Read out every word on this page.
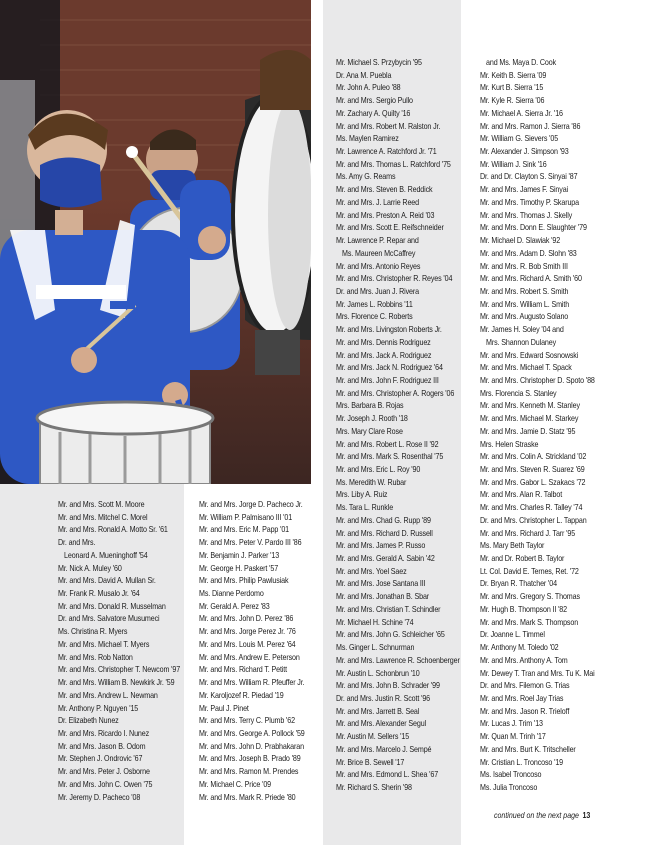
Mr. and Mrs. Scott M. Moore
Mr. and Mrs. Mitchel C. Morel
Mr. and Mrs. Ronald A. Motto Sr. '61
Dr. and Mrs.
Leonard A. Mueninghoff '54
Mr. Nick A. Muley '60
Mr. and Mrs. David A. Mullan Sr.
Mr. Frank R. Musalo Jr. '64
Mr. and Mrs. Donald R. Musselman
Dr. and Mrs. Salvatore Musumeci
Ms. Christina R. Myers
Mr. and Mrs. Michael T. Myers
Mr. and Mrs. Rob Natton
Mr. and Mrs. Christopher T. Newcom '97
Mr. and Mrs. William B. Newkirk Jr. '59
Mr. and Mrs. Andrew L. Newman
Mr. Anthony P. Nguyen '15
Dr. Elizabeth Nunez
Mr. and Mrs. Ricardo I. Nunez
Mr. and Mrs. Jason B. Odom
Mr. Stephen J. Ondrovic '67
Mr. and Mrs. Peter J. Osborne
Mr. and Mrs. John C. Owen '75
Mr. Jeremy D. Pacheco '08
Mr. and Mrs. Jorge D. Pacheco Jr.
Mr. William P. Palmisano III '01
Mr. and Mrs. Eric M. Papp '01
Mr. and Mrs. Peter V. Pardo III '86
Mr. Benjamin J. Parker '13
Mr. George H. Paskert '57
Mr. and Mrs. Philip Pawlusiak
Ms. Dianne Perdomo
Mr. Gerald A. Perez '83
Mr. and Mrs. John D. Perez '86
Mr. and Mrs. Jorge Perez Jr. '76
Mr. and Mrs. Louis M. Perez '64
Mr. and Mrs. Andrew E. Peterson
Mr. and Mrs. Richard T. Petitt
Mr. and Mrs. William R. Pfeuffer Jr.
Mr. Karoljozef R. Piedad '19
Mr. Paul J. Pinet
Mr. and Mrs. Terry C. Plumb '62
Mr. and Mrs. George A. Pollock '59
Mr. and Mrs. John D. Prabhakaran
Mr. and Mrs. Joseph B. Prado '89
Mr. and Mrs. Ramon M. Prendes
Mr. Michael C. Price '09
Mr. and Mrs. Mark R. Priede '80
Mr. Michael S. Przybycin '95
Dr. Ana M. Puebla
Mr. John A. Puleo '88
Mr. and Mrs. Sergio Pullo
Mr. Zachary A. Quilty '16
Mr. and Mrs. Robert M. Ralston Jr.
Ms. Maylen Ramirez
Mr. Lawrence A. Ratchford Jr. '71
Mr. and Mrs. Thomas L. Ratchford '75
Ms. Amy G. Reams
Mr. and Mrs. Steven B. Reddick
Mr. and Mrs. J. Larrie Reed
Mr. and Mrs. Preston A. Reid '03
Mr. and Mrs. Scott E. Reifschneider
Mr. Lawrence P. Repar and
Ms. Maureen McCaffrey
Mr. and Mrs. Antonio Reyes
Mr. and Mrs. Christopher R. Reyes '04
Dr. and Mrs. Juan J. Rivera
Mr. James L. Robbins '11
Mrs. Florence C. Roberts
Mr. and Mrs. Livingston Roberts Jr.
Mr. and Mrs. Dennis Rodriguez
Mr. and Mrs. Jack A. Rodriguez
Mr. and Mrs. Jack N. Rodriguez '64
Mr. and Mrs. John F. Rodriguez III
Mr. and Mrs. Christopher A. Rogers '06
Mrs. Barbara B. Rojas
Mr. Joseph J. Rooth '18
Mrs. Mary Clare Rose
Mr. and Mrs. Robert L. Rose II '92
Mr. and Mrs. Mark S. Rosenthal '75
Mr. and Mrs. Eric L. Roy '90
Ms. Meredith W. Rubar
Mrs. Liby A. Ruiz
Ms. Tara L. Runkle
Mr. and Mrs. Chad G. Rupp '89
Mr. and Mrs. Richard D. Russell
Mr. and Mrs. James P. Russo
Mr. and Mrs. Gerald A. Sabin '42
Mr. and Mrs. Yoel Saez
Mr. and Mrs. Jose Santana III
Mr. and Mrs. Jonathan B. Sbar
Mr. and Mrs. Christian T. Schindler
Mr. Michael H. Schine '74
Mr. and Mrs. John G. Schleicher '65
Ms. Ginger L. Schnurman
Mr. and Mrs. Lawrence R. Schoenberger
Mr. Austin L. Schonbrun '10
Mr. and Mrs. John B. Schrader '99
Dr. and Mrs. Justin R. Scott '96
Mr. and Mrs. Jarrett B. Seal
Mr. and Mrs. Alexander Segul
Mr. Austin M. Sellers '15
Mr. and Mrs. Marcelo J. Sempé
Mr. Brice B. Sewell '17
Mr. and Mrs. Edmond L. Shea '67
Mr. Richard S. Sherin '98
and Ms. Maya D. Cook
Mr. Keith B. Sierra '09
Mr. Kurt B. Sierra '15
Mr. Kyle R. Sierra '06
Mr. Michael A. Sierra Jr. '16
Mr. and Mrs. Ramon J. Sierra '86
Mr. William G. Sievers '05
Mr. Alexander J. Simpson '93
Mr. William J. Sink '16
Dr. and Dr. Clayton S. Sinyai '87
Mr. and Mrs. James F. Sinyai
Mr. and Mrs. Timothy P. Skarupa
Mr. and Mrs. Thomas J. Skelly
Mr. and Mrs. Donn E. Slaughter '79
Mr. Michael D. Slawiak '92
Mr. and Mrs. Adam D. Slohn '83
Mr. and Mrs. R. Bob Smith III
Mr. and Mrs. Richard A. Smith '60
Mr. and Mrs. Robert S. Smith
Mr. and Mrs. William L. Smith
Mr. and Mrs. Augusto Solano
Mr. James H. Soley '04 and
Mrs. Shannon Dulaney
Mr. and Mrs. Edward Sosnowski
Mr. and Mrs. Michael T. Spack
Mr. and Mrs. Christopher D. Spoto '88
Mrs. Florencia S. Stanley
Mr. and Mrs. Kenneth M. Stanley
Mr. and Mrs. Michael M. Starkey
Mr. and Mrs. Jamie D. Statz '95
Mrs. Helen Straske
Mr. and Mrs. Colin A. Strickland '02
Mr. and Mrs. Steven R. Suarez '69
Mr. and Mrs. Gabor L. Szakacs '72
Mr. and Mrs. Alan R. Talbot
Mr. and Mrs. Charles R. Talley '74
Dr. and Mrs. Christopher L. Tappan
Mr. and Mrs. Richard J. Tarr '95
Ms. Mary Beth Taylor
Mr. and Dr. Robert B. Taylor
Lt. Col. David E. Ternes, Ret. '72
Dr. Bryan R. Thatcher '04
Mr. and Mrs. Gregory S. Thomas
Mr. Hugh B. Thompson II '82
Mr. and Mrs. Mark S. Thompson
Dr. Joanne L. Timmel
Mr. Anthony M. Toledo '02
Mr. and Mrs. Anthony A. Tom
Mr. Dewey T. Tran and Mrs. Tu K. Mai
Dr. and Mrs. Filemon G. Trias
Mr. and Mrs. Roel Jay Trias
Mr. and Mrs. Jason R. Trieloff
Mr. Lucas J. Trim '13
Mr. Quan M. Trinh '17
Mr. and Mrs. Burt K. Tritscheller
Mr. Cristian L. Troncoso '19
Ms. Isabel Troncoso
Ms. Julia Troncoso
continued on the next page 13
